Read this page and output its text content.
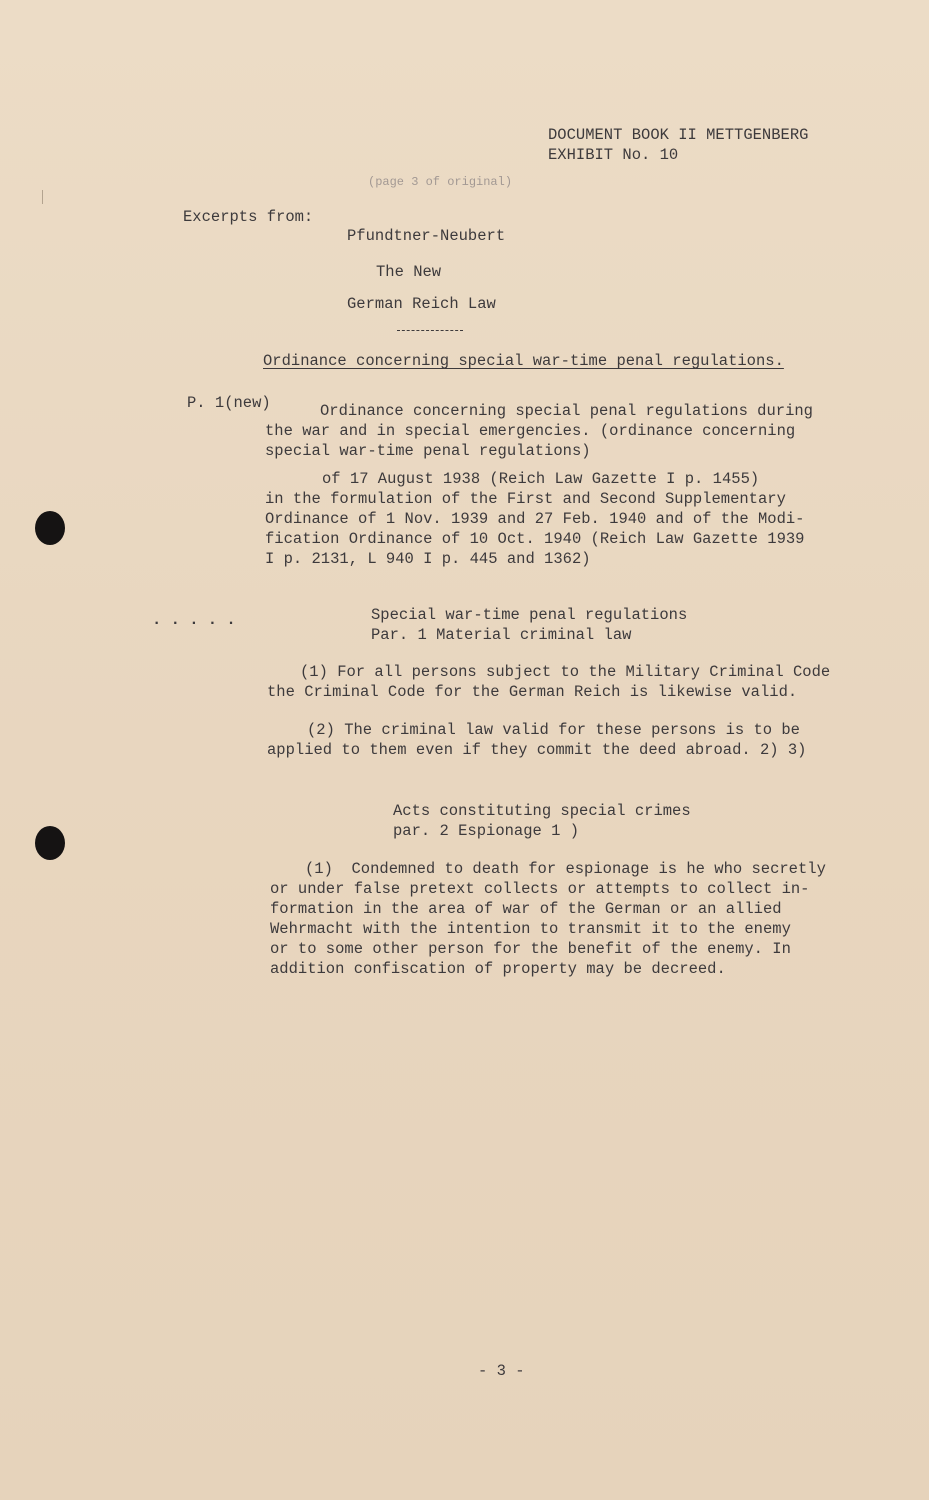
DOCUMENT BOOK II METTGENBERG
EXHIBIT No. 10
(page 3 of original)
Excerpts from:
Pfundtner-Neubert
The New
German Reich Law
Ordinance concerning special war-time penal regulations.
P. 1(new)	Ordinance concerning special penal regulations during
the war and in special emergencies. (ordinance concerning
special war-time penal regulations)
of 17 August 1938 (Reich Law Gazette I p. 1455)
in the formulation of the First and Second Supplementary
Ordinance of 1 Nov. 1939 and 27 Feb. 1940 and of the Modi-
fication Ordinance of 10 Oct. 1940 (Reich Law Gazette 1939
I p. 2131, L 940 I p. 445 and 1362)
. . . . .	Special war-time penal regulations
Par. 1 Material criminal law
(1) For all persons subject to the Military Criminal Code
the Criminal Code for the German Reich is likewise valid.
(2) The criminal law valid for these persons is to be
applied to them even if they commit the deed abroad. 2) 3)
Acts constituting special crimes
par. 2 Espionage 1 )
(1)  Condemned to death for espionage is he who secretly
or under false pretext collects or attempts to collect in-
formation in the area of war of the German or an allied
Wehrmacht with the intention to transmit it to the enemy
or to some other person for the benefit of the enemy. In
addition confiscation of property may be decreed.
- 3 -
